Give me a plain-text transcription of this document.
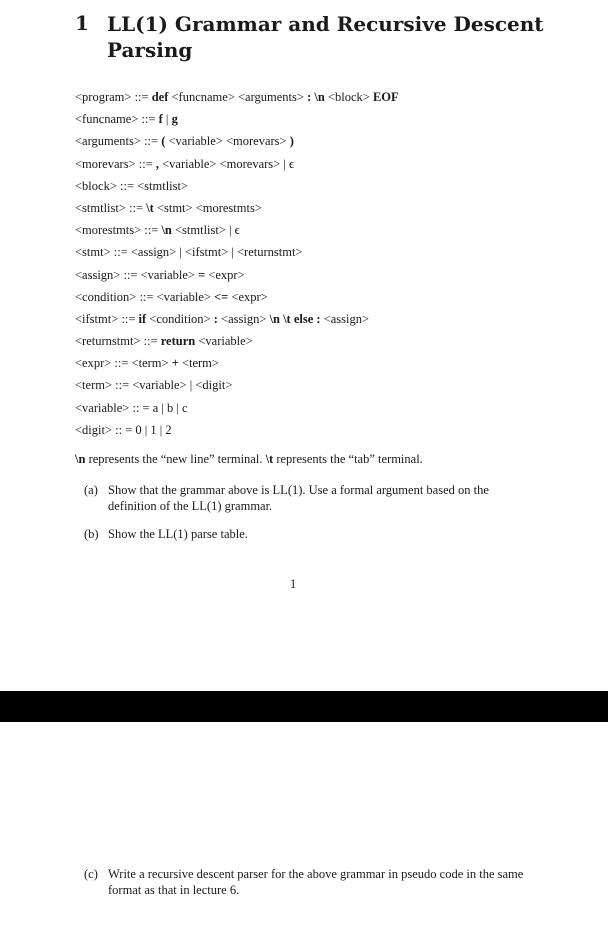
1 LL(1) Grammar and Recursive Descent Parsing
<program> ::= def <funcname> <arguments> : \n <block> EOF
<funcname> ::= f | g
<arguments> ::= ( <variable> <morevars> )
<morevars> ::= , <variable> <morevars> | ϵ
<block> ::= <stmtlist>
<stmtlist> ::= \t <stmt> <morestmts>
<morestmts> ::= \n <stmtlist> | ϵ
<stmt> ::= <assign> | <ifstmt> | <returnstmt>
<assign> ::= <variable> = <expr>
<condition> ::= <variable> <= <expr>
<ifstmt> ::= if <condition> : <assign> \n \t else : <assign>
<returnstmt> ::= return <variable>
<expr> ::= <term> + <term>
<term> ::= <variable> | <digit>
<variable> :: = a | b | c
<digit> :: = 0 | 1 | 2
\n represents the “new line” terminal. \t represents the “tab” terminal.
(a) Show that the grammar above is LL(1). Use a formal argument based on the definition of the LL(1) grammar.
(b) Show the LL(1) parse table.
1
(c) Write a recursive descent parser for the above grammar in pseudo code in the same format as that in lecture 6.
